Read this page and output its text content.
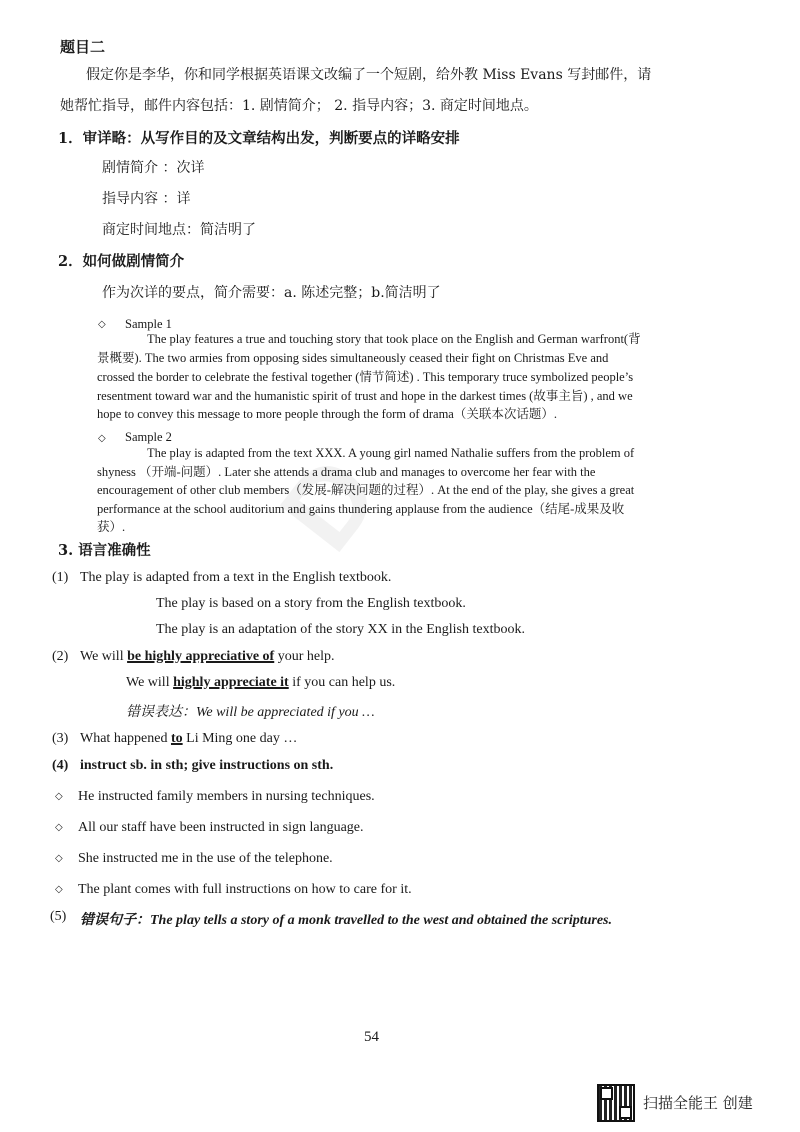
D
题目二
假定你是李华，你和同学根据英语课文改编了一个短剧，给外教 Miss Evans 写封邮件，请
她帮忙指导，邮件内容包括：1. 剧情简介； 2. 指导内容；3. 商定时间地点。
1．审详略：从写作目的及文章结构出发，判断要点的详略安排
剧情简介 ：次详
指导内容 ：详
商定时间地点：简洁明了
2．如何做剧情简介
作为次详的要点，简介需要：a. 陈述完整；b.简洁明了
◇ Sample 1
The play features a true and touching story that took place on the English and German warfront(背
景概要). The two armies from opposing sides simultaneously ceased their fight on Christmas Eve and
crossed the border to celebrate the festival together (情节简述) . This temporary truce symbolized people’s
resentment toward war and the humanistic spirit of trust and hope in the darkest times (故事主旨) , and we
hope to convey this message to more people through the form of drama（关联本次话题）.
◇ Sample 2
The play is adapted from the text XXX. A young girl named Nathalie suffers from the problem of
shyness （开端-问题）. Later she attends a drama club and manages to overcome her fear with the
encouragement of other club members（发展-解决问题的过程）. At the end of the play, she gives a great
performance at the school auditorium and gains thundering applause from the audience（结尾-成果及收
获）.
3. 语言准确性
(1) The play is adapted from a text in the English textbook.
The play is based on a story from the English textbook.
The play is an adaptation of the story XX in the English textbook.
(2) We will be highly appreciative of your help.
We will highly appreciate it if you can help us.
错误表达：We will be appreciated if you …
(3) What happened to Li Ming one day …
(4) instruct sb. in sth; give instructions on sth.
◇ He instructed family members in nursing techniques.
◇ All our staff have been instructed in sign language.
◇ She instructed me in the use of the telephone.
◇ The plant comes with full instructions on how to care for it.
(5) 错误句子：The play tells a story of a monk travelled to the west and obtained the scriptures.
54
扫描全能王 创建
